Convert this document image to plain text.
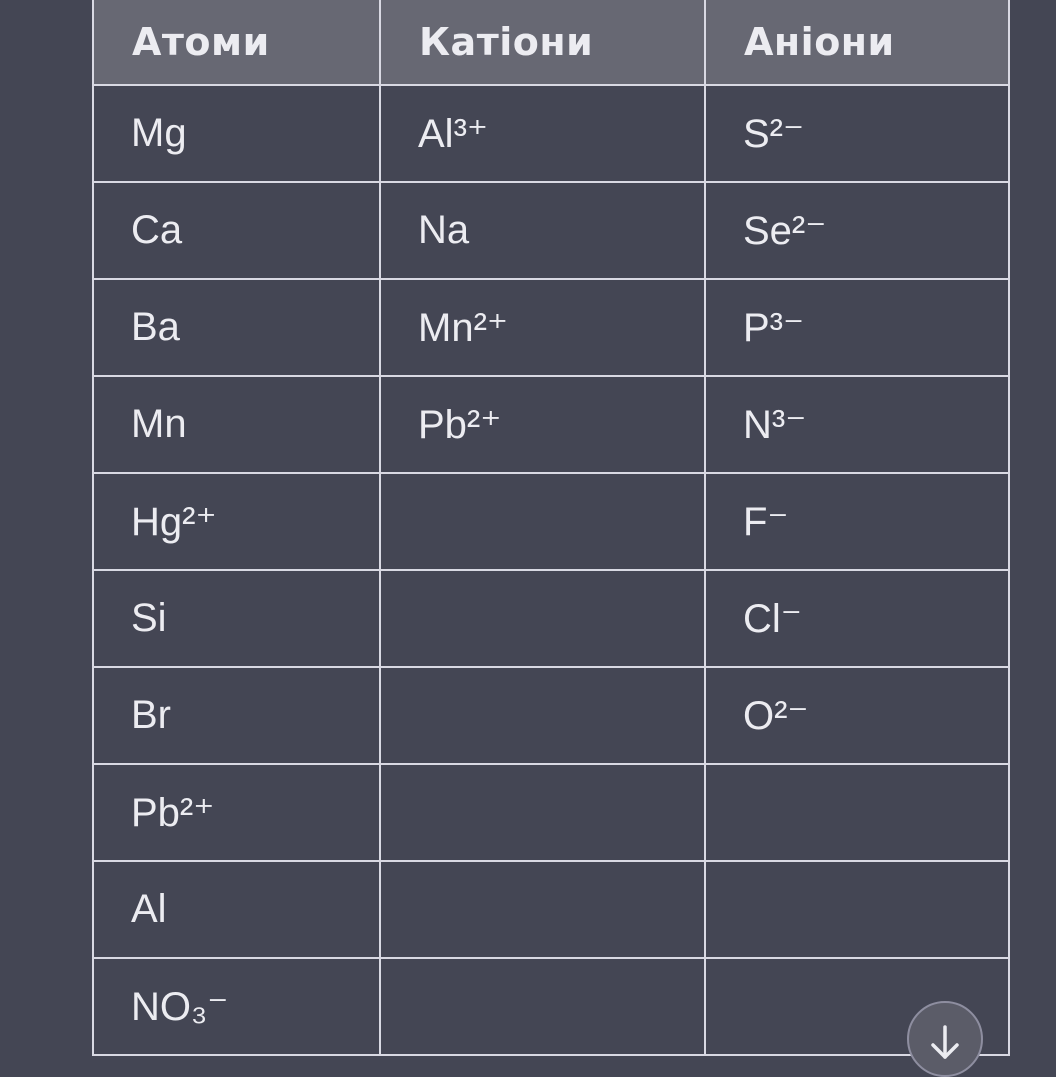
Атоми	Катіони	Аніони
Mg	Al³⁺	S²⁻
Ca	Na	Se²⁻
Ba	Mn²⁺	P³⁻
Mn	Pb²⁺	N³⁻
Hg²⁺		F⁻
Si		Cl⁻
Br		O²⁻
Pb²⁺		
Al		
NO₃⁻		
